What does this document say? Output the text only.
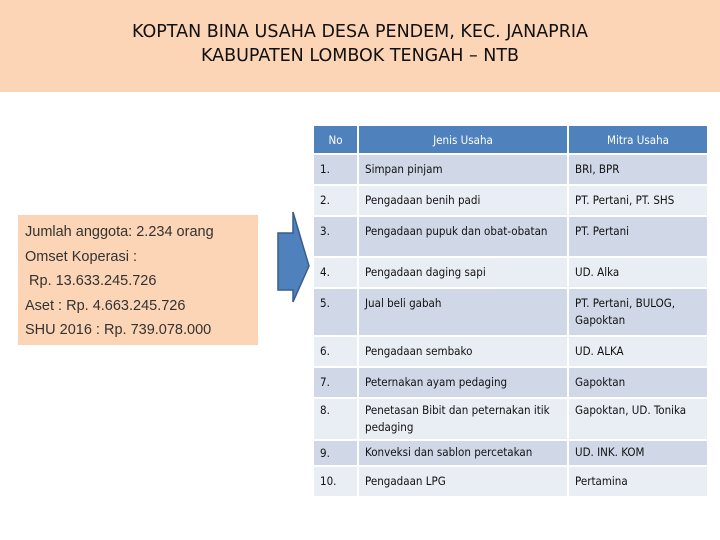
KOPTAN BINA USAHA DESA PENDEM, KEC. JANAPRIA
KABUPATEN LOMBOK TENGAH – NTB
Jumlah anggota: 2.234 orang
Omset Koperasi :
Rp. 13.633.245.726
Aset : Rp. 4.663.245.726
SHU 2016 : Rp. 739.078.000
No	Jenis Usaha	Mitra Usaha
1.	Simpan pinjam	BRI, BPR
2.	Pengadaan benih padi	PT. Pertani, PT. SHS
3.	Pengadaan pupuk dan obat-obatan	PT. Pertani
4.	Pengadaan daging sapi	UD. Alka
5.	Jual beli gabah	PT. Pertani, BULOG, Gapoktan
6.	Pengadaan sembako	UD. ALKA
7.	Peternakan ayam pedaging	Gapoktan
8.	Penetasan Bibit dan peternakan itik pedaging	Gapoktan, UD. Tonika
9.	Konveksi dan sablon percetakan	UD. INK. KOM
10.	Pengadaan LPG	Pertamina
